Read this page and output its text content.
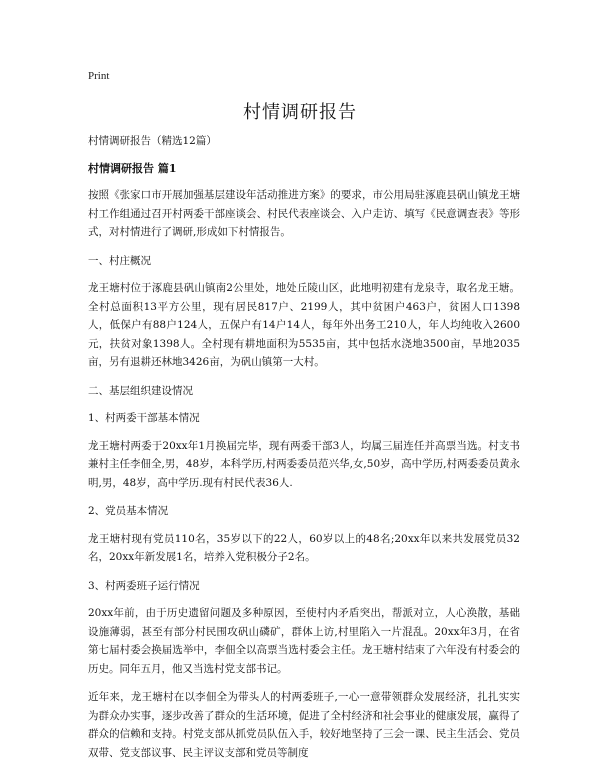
Print
村情调研报告

村情调研报告（精选12篇）

村情调研报告 篇1

按照《张家口市开展加强基层建设年活动推进方案》的要求，市公用局驻涿鹿县矾山镇龙王塘村工作组通过召开村两委干部座谈会、村民代表座谈会、入户走访、填写《民意调查表》等形式，对村情进行了调研,形成如下村情报告。

一、村庄概况

龙王塘村位于涿鹿县矾山镇南2公里处，地处丘陵山区，此地明初建有龙泉寺，取名龙王塘。全村总面积13平方公里，现有居民817户、2199人，其中贫困户463户，贫困人口1398人，低保户有88户124人，五保户有14户14人，每年外出务工210人，年人均纯收入2600元，扶贫对象1398人。全村现有耕地面积为5535亩，其中包括水浇地3500亩，旱地2035亩，另有退耕还林地3426亩，为矾山镇第一大村。

二、基层组织建设情况

1、村两委干部基本情况

龙王塘村两委于20xx年1月换届完毕，现有两委干部3人，均属三届连任并高票当选。村支书兼村主任李佃全,男，48岁，本科学历,村两委委员范兴华,女,50岁，高中学历,村两委委员黄永明,男，48岁，高中学历.现有村民代表36人.

2、党员基本情况

龙王塘村现有党员110名，35岁以下的22人，60岁以上的48名;20xx年以来共发展党员32名，20xx年新发展1名，培养入党积极分子2名。

3、村两委班子运行情况

20xx年前，由于历史遗留问题及多种原因，至使村内矛盾突出，帮派对立，人心涣散，基础设施薄弱，甚至有部分村民围攻矾山磷矿，群体上访,村里陷入一片混乱。20xx年3月，在省第七届村委会换届选举中，李佃全以高票当选村委会主任。龙王塘村结束了六年没有村委会的历史。同年五月，他又当选村党支部书记。

近年来，龙王塘村在以李佃全为带头人的村两委班子,一心一意带领群众发展经济，扎扎实实为群众办实事，逐步改善了群众的生活环境，促进了全村经济和社会事业的健康发展，赢得了群众的信赖和支持。村党支部从抓党员队伍入手，较好地坚持了三会一课、民主生活会、党员双带、党支部议事、民主评议支部和党员等制度
